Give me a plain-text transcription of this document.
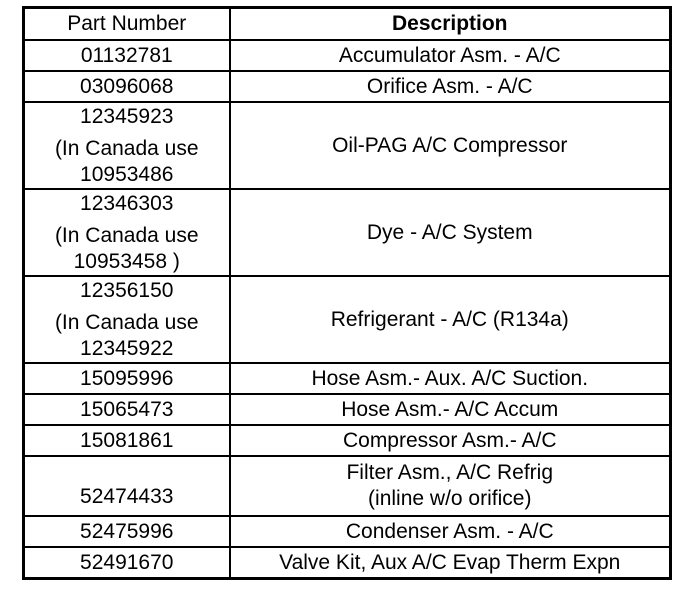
Part Number	Description
01132781	Accumulator Asm. - A/C
03096068	Orifice Asm. - A/C

12345923
(In Canada use
10953486	Oil-PAG A/C Compressor

12346303
(In Canada use
10953458 )	Dye - A/C System

12356150
(In Canada use
12345922	Refrigerant - A/C (R134a)
15095996	Hose Asm.- Aux. A/C Suction.
15065473	Hose Asm.- A/C Accum
15081861	Compressor Asm.- A/C

52474433	Filter Asm., A/C Refrig
(inline w/o orifice)

52475996	Condenser Asm. - A/C
52491670	Valve Kit, Aux A/C Evap Therm Expn
